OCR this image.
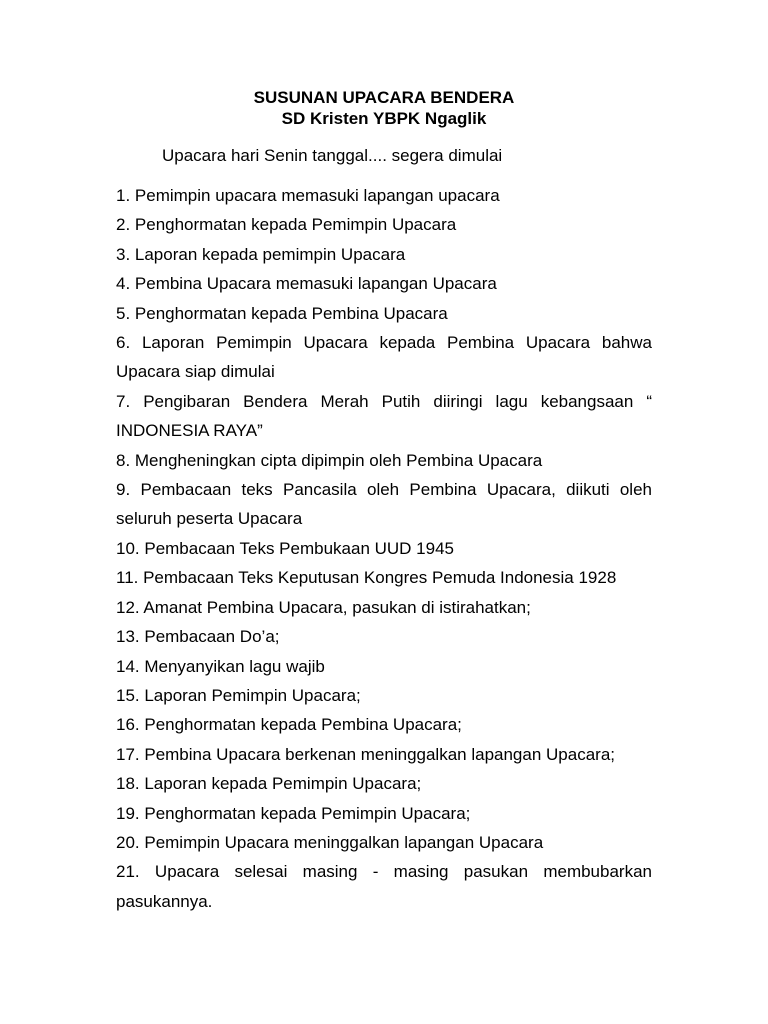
SUSUNAN UPACARA BENDERA
SD Kristen YBPK Ngaglik
Upacara hari Senin tanggal.... segera dimulai
1. Pemimpin upacara memasuki lapangan upacara
2. Penghormatan kepada Pemimpin Upacara
3. Laporan kepada pemimpin Upacara
4. Pembina Upacara memasuki lapangan Upacara
5. Penghormatan kepada Pembina Upacara
6. Laporan Pemimpin Upacara kepada Pembina Upacara bahwa Upacara siap dimulai
7. Pengibaran Bendera Merah Putih diiringi lagu kebangsaan “ INDONESIA RAYA”
8. Mengheningkan cipta dipimpin oleh Pembina Upacara
9. Pembacaan teks Pancasila oleh Pembina Upacara, diikuti oleh seluruh peserta Upacara
10. Pembacaan Teks Pembukaan UUD 1945
11. Pembacaan Teks Keputusan Kongres Pemuda Indonesia 1928
12. Amanat Pembina Upacara, pasukan di istirahatkan;
13. Pembacaan Do’a;
14. Menyanyikan lagu wajib
15. Laporan Pemimpin Upacara;
16. Penghormatan kepada Pembina Upacara;
17. Pembina Upacara berkenan meninggalkan lapangan Upacara;
18. Laporan kepada Pemimpin Upacara;
19. Penghormatan kepada Pemimpin Upacara;
20. Pemimpin Upacara meninggalkan lapangan Upacara
21. Upacara selesai masing - masing pasukan membubarkan pasukannya.
